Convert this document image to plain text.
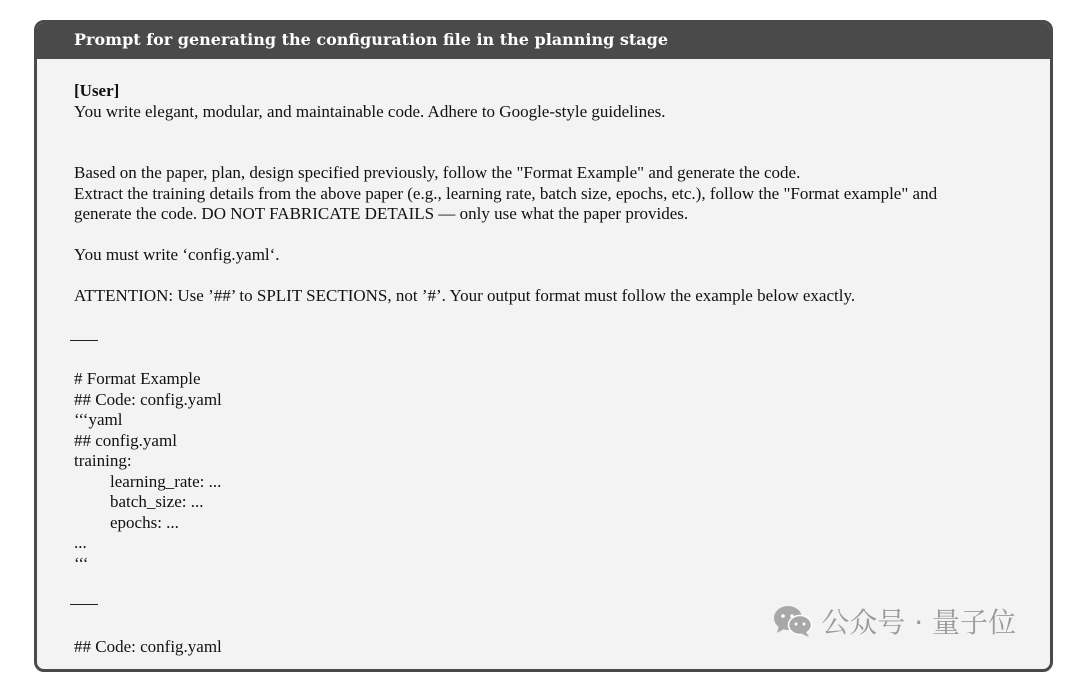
Prompt for generating the configuration file in the planning stage
[User]
You write elegant, modular, and maintainable code. Adhere to Google-style guidelines.
Based on the paper, plan, design specified previously, follow the "Format Example" and generate the code.
Extract the training details from the above paper (e.g., learning rate, batch size, epochs, etc.), follow the "Format example" and
generate the code. DO NOT FABRICATE DETAILS — only use what the paper provides.
You must write ‘config.yaml‘.
ATTENTION: Use ’##’ to SPLIT SECTIONS, not ’#’. Your output format must follow the example below exactly.
# Format Example
## Code: config.yaml
‘‘‘yaml
## config.yaml
training:
learning_rate: ...
batch_size: ...
epochs: ...
...
‘‘‘
## Code: config.yaml
公众号 · 量子位
